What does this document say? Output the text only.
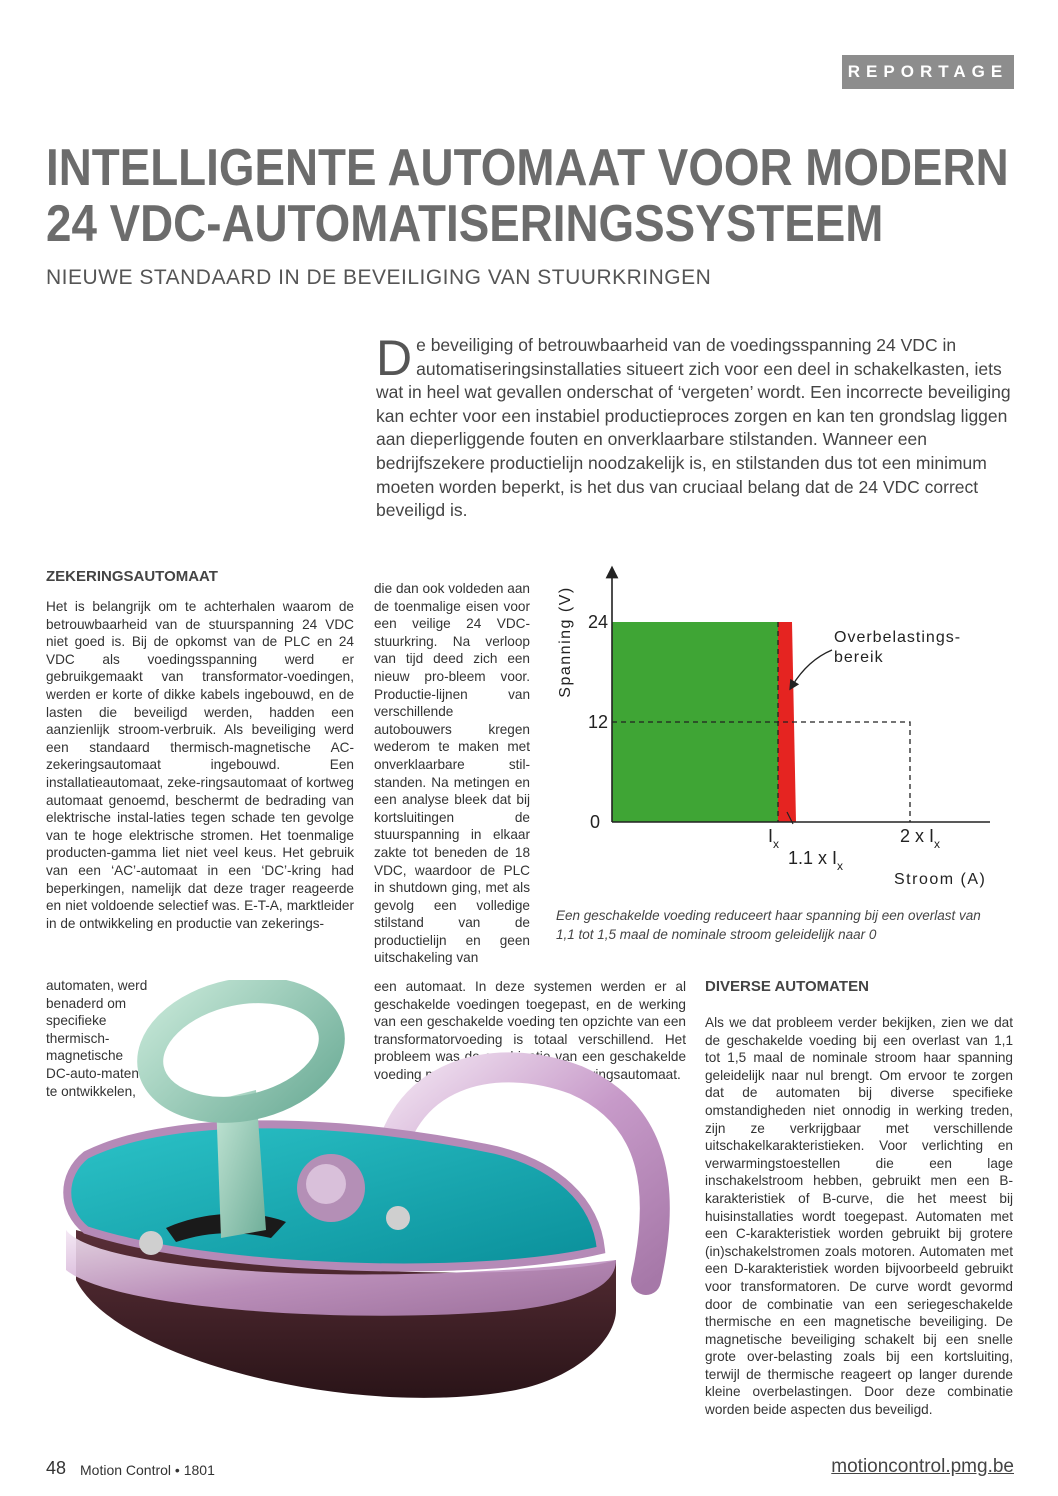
REPORTAGE
INTELLIGENTE AUTOMAAT VOOR MODERN
24 VDC-AUTOMATISERINGSSYSTEEM
NIEUWE STANDAARD IN DE BEVEILIGING VAN STUURKRINGEN
D e beveiliging of betrouwbaarheid van de voedingsspanning 24 VDC in automatiseringsinstallaties situeert zich voor een deel in schakelkasten, iets wat in heel wat gevallen onderschat of ‘vergeten’ wordt. Een incorrecte beveiliging kan echter voor een instabiel productieproces zorgen en kan ten grondslag liggen aan dieperliggende fouten en onverklaarbare stilstanden. Wanneer een bedrijfszekere productielijn noodzakelijk is, en stilstanden dus tot een minimum moeten worden beperkt, is het dus van cruciaal belang dat de 24 VDC correct beveiligd is.
ZEKERINGSAUTOMAAT
Het is belangrijk om te achterhalen waarom de betrouwbaarheid van de stuurspanning 24 VDC niet goed is. Bij de opkomst van de PLC en 24 VDC als voedingsspanning werd er gebruikgemaakt van transformator-voedingen, werden er korte of dikke kabels ingebouwd, en de lasten die beveiligd werden, hadden een aanzienlijk stroom-verbruik. Als beveiliging werd een standaard thermisch-magnetische AC-zekeringsautomaat ingebouwd. Een installatieautomaat, zeke-ringsautomaat of kortweg automaat genoemd, beschermt de bedrading van elektrische instal-laties tegen schade ten gevolge van te hoge elektrische stromen. Het toenmalige producten-gamma liet niet veel keus. Het gebruik van een ‘AC’-automaat in een ‘DC’-kring had beperkingen, namelijk dat deze trager reageerde en niet voldoende selectief was. E-T-A, marktleider in de ontwikkeling en productie van zekerings-
automaten, werd
benaderd om
specifieke
thermisch-
magnetische
DC-auto-maten
te ontwikkelen,
die dan ook voldeden aan de toenmalige eisen voor een veilige 24 VDC-stuurkring. Na verloop van tijd deed zich een nieuw pro-bleem voor. Productie-lijnen van verschillende autobouwers kregen wederom te maken met onverklaarbare stil-standen. Na metingen en een analyse bleek dat bij kortsluitingen de stuurspanning in elkaar zakte tot beneden de 18 VDC, waardoor de PLC in shutdown ging, met als gevolg een volledige stilstand van de productielijn en geen uitschakeling van
een automaat. In deze systemen werden er al geschakelde voedingen toegepast, en de werking van een geschakelde voeding ten opzichte van een transformatorvoeding is totaal verschillend. Het probleem was de combinatie van een geschakelde voeding met een mechanische zekeringsautomaat.
Spanning (V)
0
12
24
$I_x$
1.1 x $I_x$
2 x $I_x$
Stroom (A)
Overbelastings-
bereik
Een geschakelde voeding reduceert haar spanning bij een overlast van 1,1 tot 1,5 maal de nominale stroom geleidelijk naar 0
DIVERSE AUTOMATEN
Als we dat probleem verder bekijken, zien we dat de geschakelde voeding bij een overlast van 1,1 tot 1,5 maal de nominale stroom haar spanning geleidelijk naar nul brengt. Om ervoor te zorgen dat de automaten bij diverse specifieke omstandigheden niet onnodig in werking treden, zijn ze verkrijgbaar met verschillende uitschakelkarakteristieken. Voor verlichting en verwarmingstoestellen die een lage inschakelstroom hebben, gebruikt men een B-karakteristiek of B-curve, die het meest bij huisinstallaties wordt toegepast. Automaten met een C-karakteristiek worden gebruikt bij grotere (in)schakelstromen zoals motoren. Automaten met een D-karakteristiek worden bijvoorbeeld gebruikt voor transformatoren. De curve wordt gevormd door de combinatie van een seriegeschakelde thermische en een magnetische beveiliging. De magnetische beveiliging schakelt bij een snelle grote over-belasting zoals bij een kortsluiting, terwijl de thermische reageert op langer durende kleine overbelastingen. Door deze combinatie worden beide aspecten dus beveiligd.
48 Motion Control • 1801	motioncontrol.pmg.be
